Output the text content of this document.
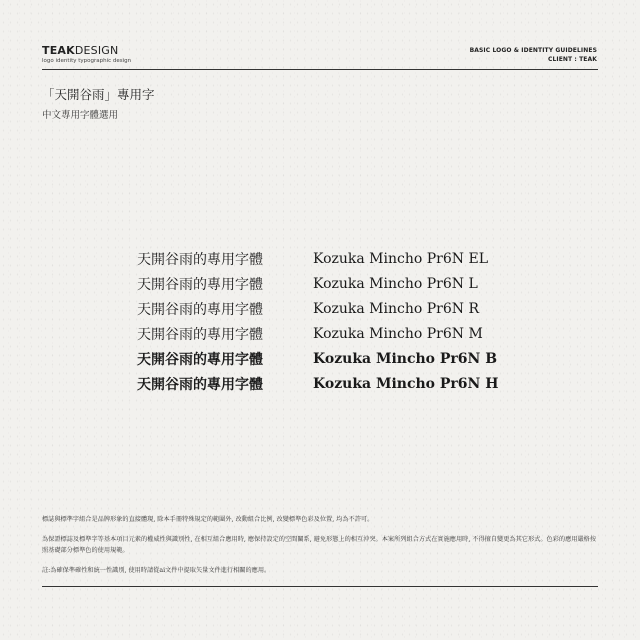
TEAKDESIGN
logo identity typographic design
BASIC LOGO & IDENTITY GUIDELINES
CLIENT : TEAK
「天開谷雨」專用字
中文專用字體選用
天開谷雨的專用字體	Kozuka Mincho Pr6N EL
天開谷雨的專用字體	Kozuka Mincho Pr6N L
天開谷雨的專用字體	Kozuka Mincho Pr6N R
天開谷雨的專用字體	Kozuka Mincho Pr6N M
天開谷雨的專用字體	Kozuka Mincho Pr6N B
天開谷雨的專用字體	Kozuka Mincho Pr6N H

標誌與標準字組合是品牌形象的直接體現, 除本手冊特殊規定的範圍外, 改動組合比例, 改變標準色彩及位置, 均為不許可。

為保證標誌及標準字等基本項目元素的權威性與識別性, 在相互組合應用時, 應保持設定的空間關系, 避免形態上的相互沖突。本案所列組合方式在實施應用時, 不得擅自變更為其它形式。色彩的應用嚴格按照基礎部分標準色的使用規範。

註:為確保準確性和統一性識別, 使用時請從ai文件中提取矢量文件進行相關的應用。
